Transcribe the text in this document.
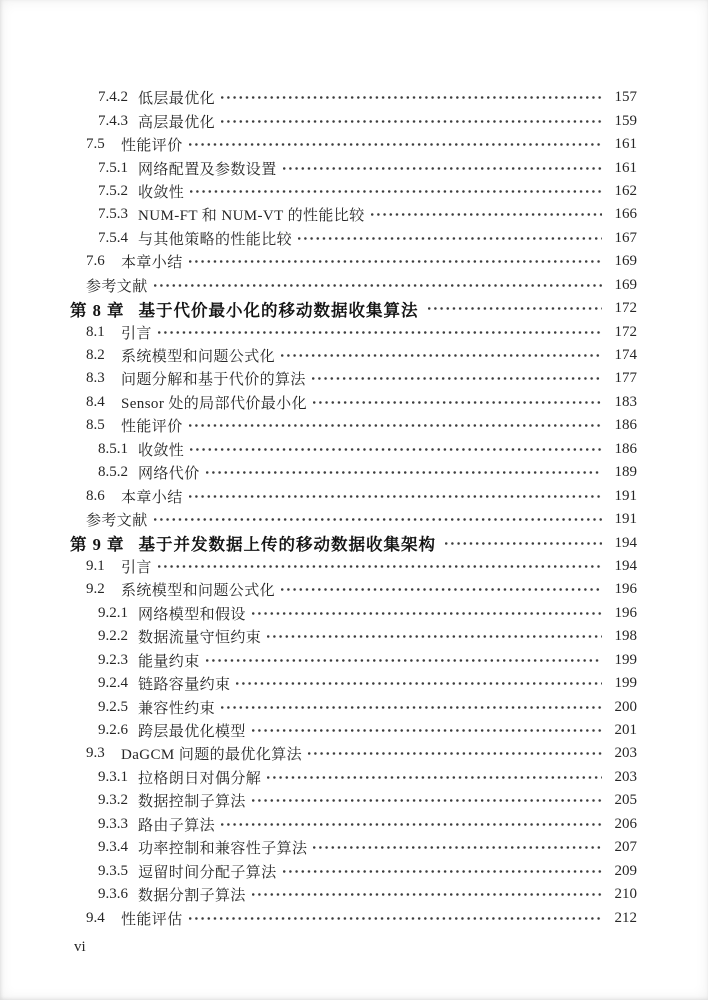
7.4.2 低层最优化	157
7.4.3 高层最优化	159
7.5	性能评价	161
7.5.1 网络配置及参数设置	161
7.5.2 收敛性	162
7.5.3 NUM-FT 和 NUM-VT 的性能比较	166
7.5.4 与其他策略的性能比较	167
7.6	本章小结	169
参考文献	169
第 8 章 基于代价最小化的移动数据收集算法	172
8.1	引言	172
8.2	系统模型和问题公式化	174
8.3	问题分解和基于代价的算法	177
8.4	Sensor 处的局部代价最小化	183
8.5	性能评价	186
8.5.1 收敛性	186
8.5.2 网络代价	189
8.6	本章小结	191
参考文献	191
第 9 章 基于并发数据上传的移动数据收集架构	194
9.1	引言	194
9.2	系统模型和问题公式化	196
9.2.1 网络模型和假设	196
9.2.2 数据流量守恒约束	198
9.2.3 能量约束	199
9.2.4 链路容量约束	199
9.2.5 兼容性约束	200
9.2.6 跨层最优化模型	201
9.3	DaGCM 问题的最优化算法	203
9.3.1 拉格朗日对偶分解	203
9.3.2 数据控制子算法	205
9.3.3 路由子算法	206
9.3.4 功率控制和兼容性子算法	207
9.3.5 逗留时间分配子算法	209
9.3.6 数据分割子算法	210
9.4	性能评估	212
vi
